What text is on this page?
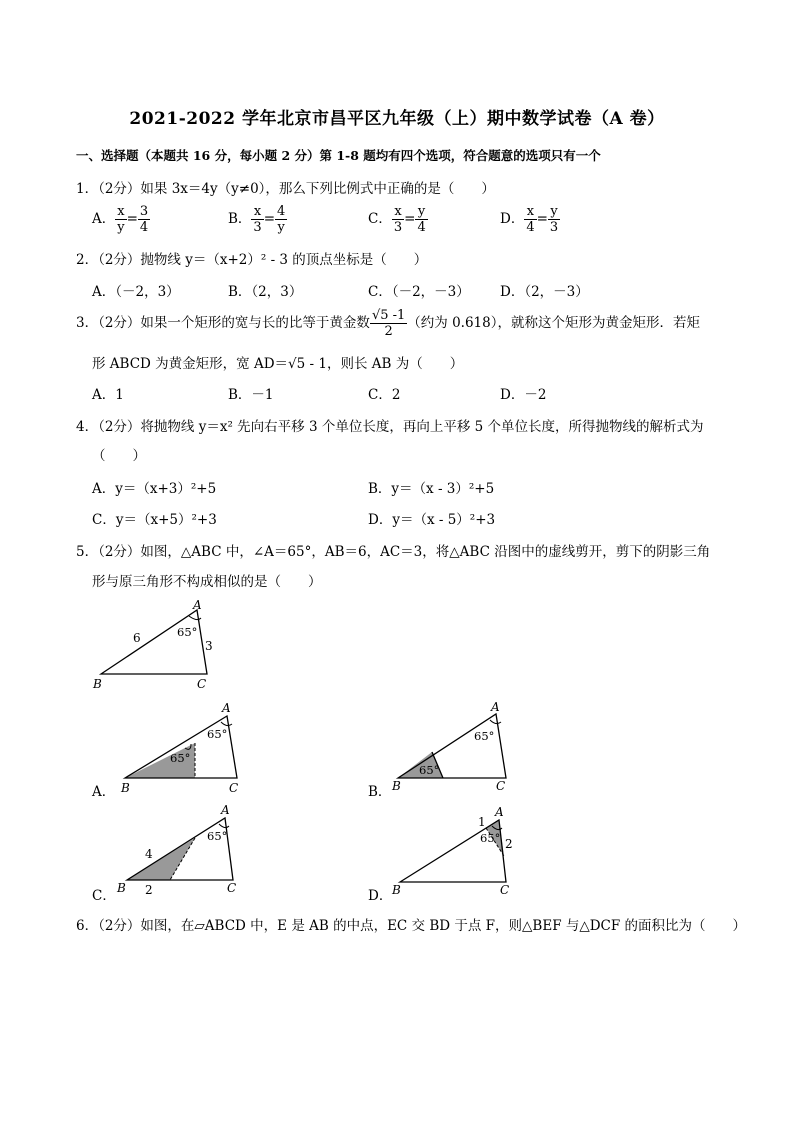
2021-2022 学年北京市昌平区九年级（上）期中数学试卷（A 卷）
一、选择题（本题共 16 分，每小题 2 分）第 1-8 题均有四个选项，符合题意的选项只有一个
1．（2分）如果 3x＝4y（y≠0），那么下列比例式中正确的是（　　）
A． $\frac{x}{y} = \frac{3}{4}$	B． $\frac{x}{3} = \frac{4}{y}$	C． $\frac{x}{3} = \frac{y}{4}$	D． $\frac{x}{4} = \frac{y}{3}$
2．（2分）抛物线 y＝（x+2）² - 3 的顶点坐标是（　　）
A．（－2，3）	B．（2，3）	C．（－2，－3） D．（2，－3）
3．（2分）如果一个矩形的宽与长的比等于黄金数 $\frac{√5 -1}{2}$ （约为 0.618），就称这个矩形为黄金矩形．若矩
形 ABCD 为黄金矩形，宽 AD＝√5 - 1，则长 AB 为（　　）
A．1	B．－1	C．2	D．－2
4．（2分）将抛物线 y＝x² 先向右平移 3 个单位长度，再向上平移 5 个单位长度，所得抛物线的解析式为
（　　）
A．y＝（x+3）²+5	B．y＝（x - 3）²+5
C．y＝（x+5）²+3	D．y＝（x - 5）²+3
5．（2分）如图，△ABC 中，∠A＝65°，AB＝6，AC＝3，将△ABC 沿图中的虚线剪开，剪下的阴影三角
形与原三角形不构成相似的是（　　）
A
B	C
65°
6
3
A．
A
B	C
65°
65°
B．
A
B	C
65°
65°
C．
A
B	C
65°
4
2	D．
A
B	C
65°
1
2
6．（2分）如图，在▱ABCD 中，E 是 AB 的中点，EC 交 BD 于点 F，则△BEF 与△DCF 的面积比为（　　）
